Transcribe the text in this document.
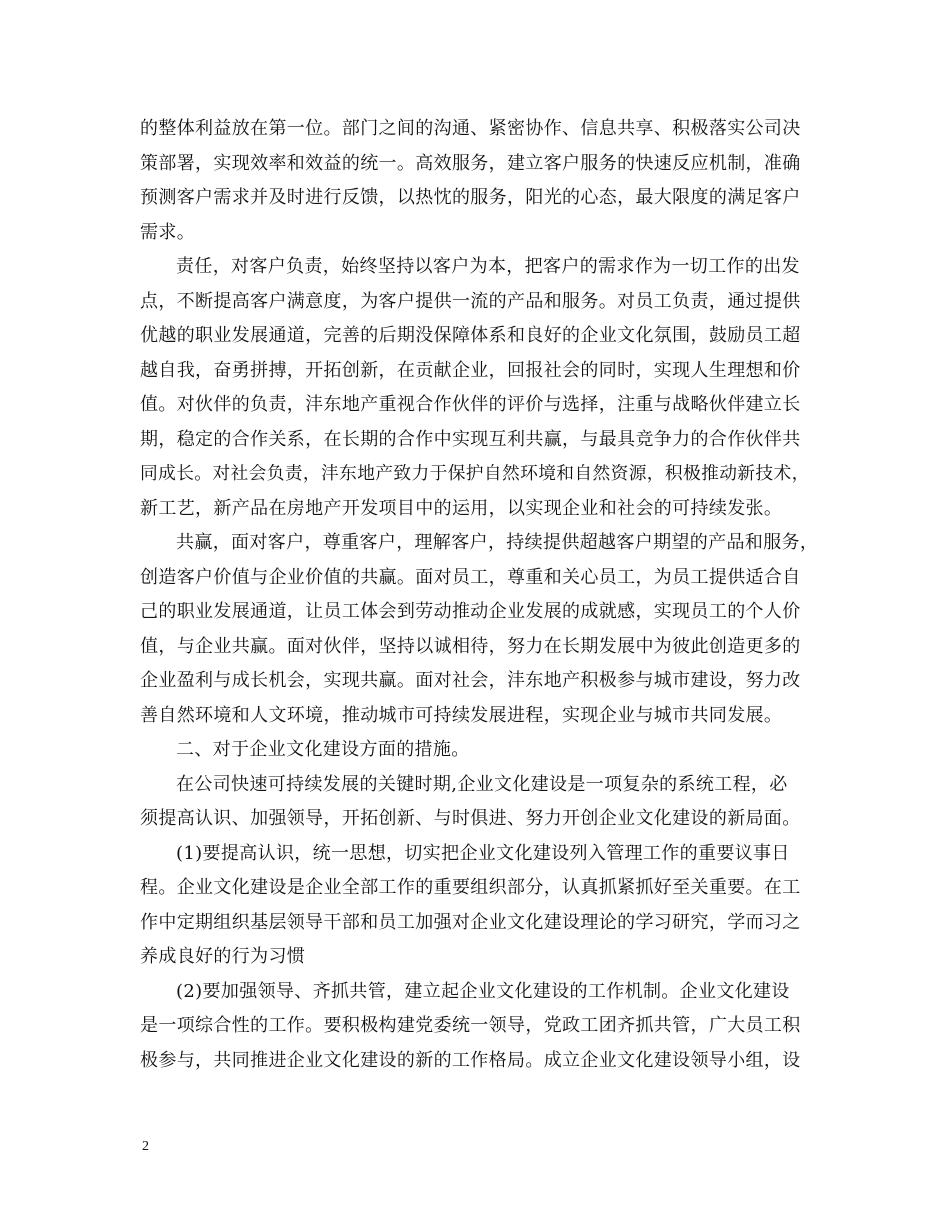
的整体利益放在第一位。部门之间的沟通、紧密协作、信息共享、积极落实公司决
策部署，实现效率和效益的统一。高效服务，建立客户服务的快速反应机制，准确
预测客户需求并及时进行反馈，以热忱的服务，阳光的心态，最大限度的满足客户
需求。
责任，对客户负责，始终坚持以客户为本，把客户的需求作为一切工作的出发
点，不断提高客户满意度，为客户提供一流的产品和服务。对员工负责，通过提供
优越的职业发展通道，完善的后期没保障体系和良好的企业文化氛围，鼓励员工超
越自我，奋勇拼搏，开拓创新，在贡献企业，回报社会的同时，实现人生理想和价
值。对伙伴的负责，沣东地产重视合作伙伴的评价与选择，注重与战略伙伴建立长
期，稳定的合作关系，在长期的合作中实现互利共赢，与最具竞争力的合作伙伴共
同成长。对社会负责，沣东地产致力于保护自然环境和自然资源，积极推动新技术，
新工艺，新产品在房地产开发项目中的运用，以实现企业和社会的可持续发张。
共赢，面对客户，尊重客户，理解客户，持续提供超越客户期望的产品和服务，
创造客户价值与企业价值的共赢。面对员工，尊重和关心员工，为员工提供适合自
己的职业发展通道，让员工体会到劳动推动企业发展的成就感，实现员工的个人价
值，与企业共赢。面对伙伴，坚持以诚相待，努力在长期发展中为彼此创造更多的
企业盈利与成长机会，实现共赢。面对社会，沣东地产积极参与城市建设，努力改
善自然环境和人文环境，推动城市可持续发展进程，实现企业与城市共同发展。
二、对于企业文化建设方面的措施。
在公司快速可持续发展的关键时期,企业文化建设是一项复杂的系统工程，必
须提高认识、加强领导，开拓创新、与时俱进、努力开创企业文化建设的新局面。
(1)要提高认识，统一思想，切实把企业文化建设列入管理工作的重要议事日
程。企业文化建设是企业全部工作的重要组织部分，认真抓紧抓好至关重要。在工
作中定期组织基层领导干部和员工加强对企业文化建设理论的学习研究，学而习之
养成良好的行为习惯
(2)要加强领导、齐抓共管，建立起企业文化建设的工作机制。企业文化建设
是一项综合性的工作。要积极构建党委统一领导，党政工团齐抓共管，广大员工积
极参与，共同推进企业文化建设的新的工作格局。成立企业文化建设领导小组，设
2
